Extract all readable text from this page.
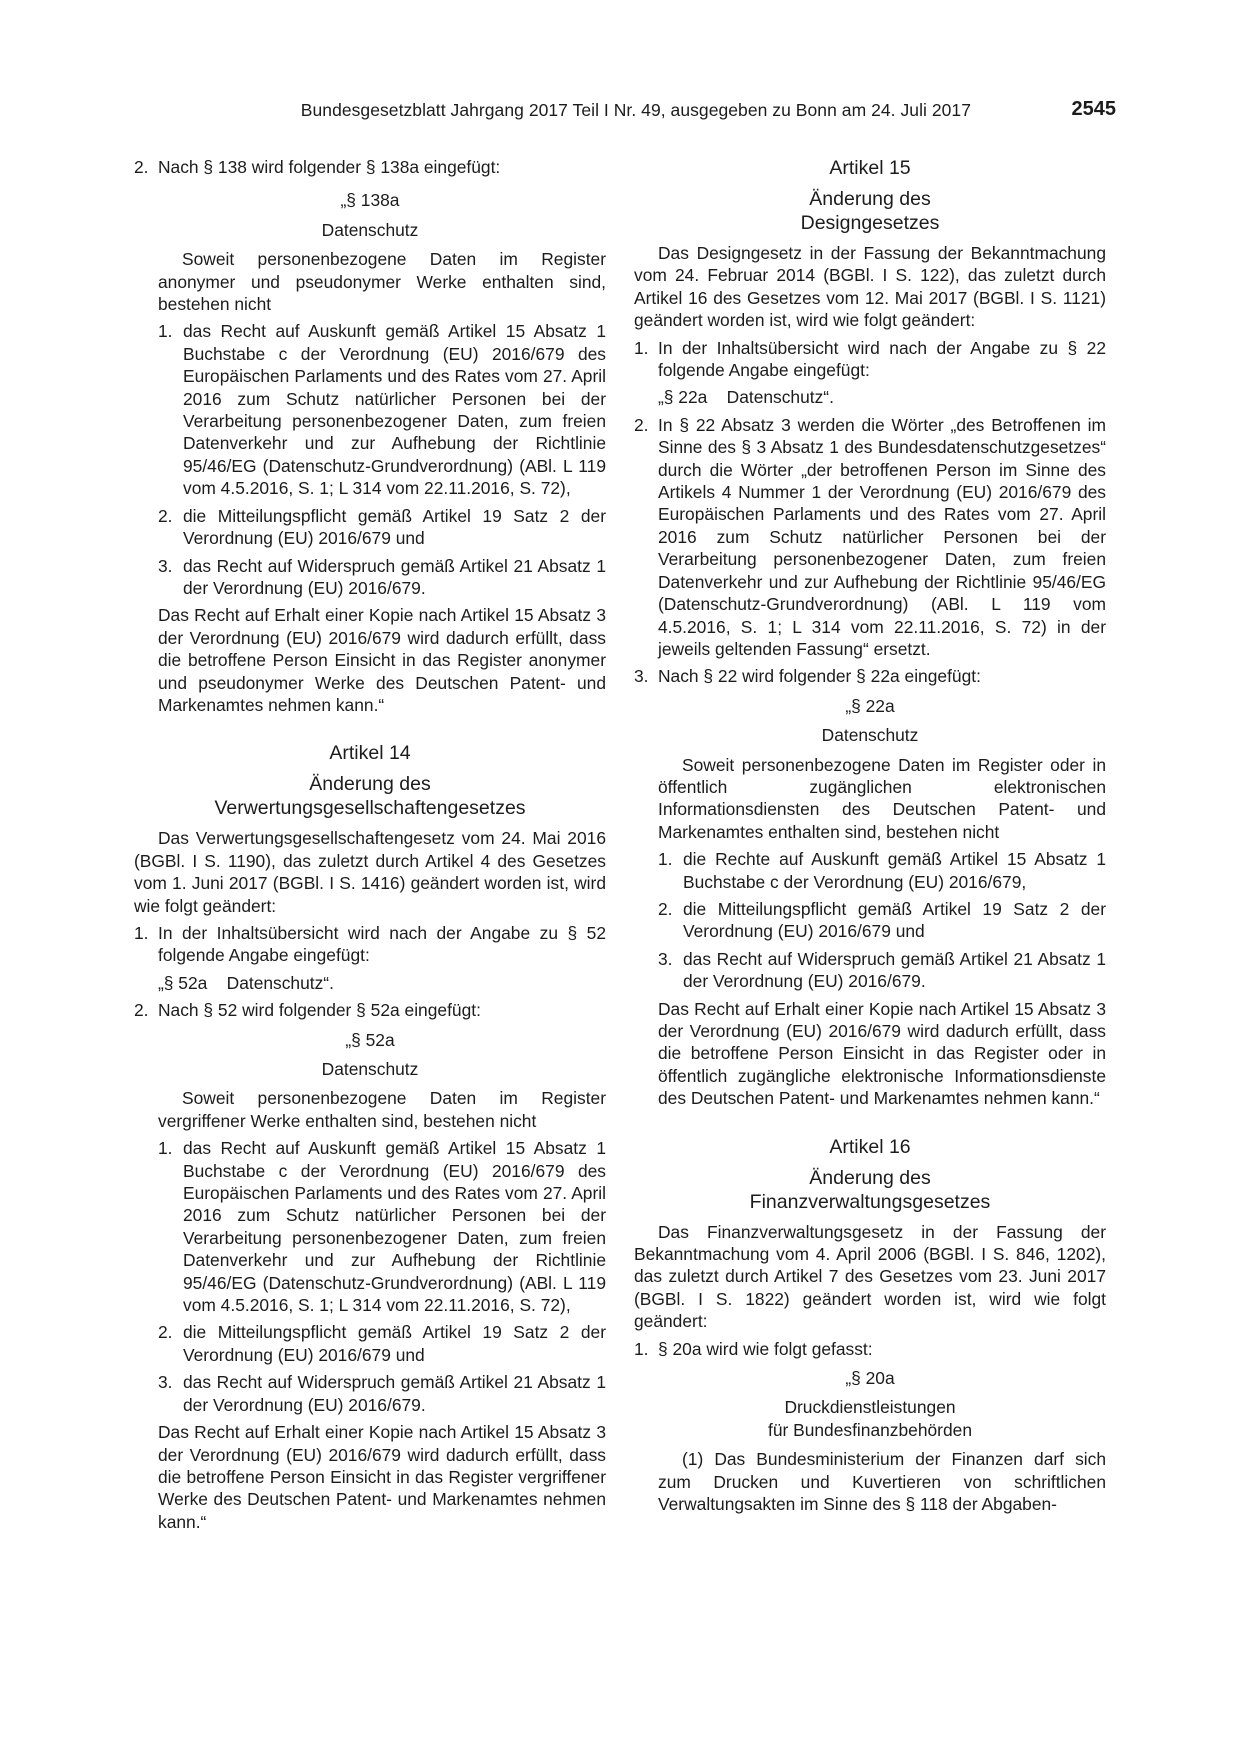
Bundesgesetzblatt Jahrgang 2017 Teil I Nr. 49, ausgegeben zu Bonn am 24. Juli 2017	2545
2. Nach § 138 wird folgender § 138a eingefügt:

„§ 138a

Datenschutz

Soweit personenbezogene Daten im Register anonymer und pseudonymer Werke enthalten sind, bestehen nicht

1. das Recht auf Auskunft gemäß Artikel 15 Absatz 1 Buchstabe c der Verordnung (EU) 2016/679 des Europäischen Parlaments und des Rates vom 27. April 2016 zum Schutz natürlicher Personen bei der Verarbeitung personenbezogener Daten, zum freien Datenverkehr und zur Aufhebung der Richtlinie 95/46/EG (Datenschutz-Grundverordnung) (ABl. L 119 vom 4.5.2016, S. 1; L 314 vom 22.11.2016, S. 72),

2. die Mitteilungspflicht gemäß Artikel 19 Satz 2 der Verordnung (EU) 2016/679 und

3. das Recht auf Widerspruch gemäß Artikel 21 Absatz 1 der Verordnung (EU) 2016/679.

Das Recht auf Erhalt einer Kopie nach Artikel 15 Absatz 3 der Verordnung (EU) 2016/679 wird dadurch erfüllt, dass die betroffene Person Einsicht in das Register anonymer und pseudonymer Werke des Deutschen Patent- und Markenamtes nehmen kann.“

Artikel 14

Änderung des

Verwertungsgesellschaftengesetzes

Das Verwertungsgesellschaftengesetz vom 24. Mai 2016 (BGBl. I S. 1190), das zuletzt durch Artikel 4 des Gesetzes vom 1. Juni 2017 (BGBl. I S. 1416) geändert worden ist, wird wie folgt geändert:

1. In der Inhaltsübersicht wird nach der Angabe zu § 52 folgende Angabe eingefügt:

„§ 52a    Datenschutz“.

2. Nach § 52 wird folgender § 52a eingefügt:

„§ 52a

Datenschutz

Soweit personenbezogene Daten im Register vergriffener Werke enthalten sind, bestehen nicht

1. das Recht auf Auskunft gemäß Artikel 15 Absatz 1 Buchstabe c der Verordnung (EU) 2016/679 des Europäischen Parlaments und des Rates vom 27. April 2016 zum Schutz natürlicher Personen bei der Verarbeitung personenbezogener Daten, zum freien Datenverkehr und zur Aufhebung der Richtlinie 95/46/EG (Datenschutz-Grundverordnung) (ABl. L 119 vom 4.5.2016, S. 1; L 314 vom 22.11.2016, S. 72),

2. die Mitteilungspflicht gemäß Artikel 19 Satz 2 der Verordnung (EU) 2016/679 und

3. das Recht auf Widerspruch gemäß Artikel 21 Absatz 1 der Verordnung (EU) 2016/679.

Das Recht auf Erhalt einer Kopie nach Artikel 15 Absatz 3 der Verordnung (EU) 2016/679 wird dadurch erfüllt, dass die betroffene Person Einsicht in das Register vergriffener Werke des Deutschen Patent- und Markenamtes nehmen kann.“

Artikel 15

Änderung des

Designgesetzes

Das Designgesetz in der Fassung der Bekanntmachung vom 24. Februar 2014 (BGBl. I S. 122), das zuletzt durch Artikel 16 des Gesetzes vom 12. Mai 2017 (BGBl. I S. 1121) geändert worden ist, wird wie folgt geändert:

1. In der Inhaltsübersicht wird nach der Angabe zu § 22 folgende Angabe eingefügt:

„§ 22a    Datenschutz“.

2. In § 22 Absatz 3 werden die Wörter „des Betroffenen im Sinne des § 3 Absatz 1 des Bundesdatenschutzgesetzes“ durch die Wörter „der betroffenen Person im Sinne des Artikels 4 Nummer 1 der Verordnung (EU) 2016/679 des Europäischen Parlaments und des Rates vom 27. April 2016 zum Schutz natürlicher Personen bei der Verarbeitung personenbezogener Daten, zum freien Datenverkehr und zur Aufhebung der Richtlinie 95/46/EG (Datenschutz-Grundverordnung) (ABl. L 119 vom 4.5.2016, S. 1; L 314 vom 22.11.2016, S. 72) in der jeweils geltenden Fassung“ ersetzt.

3. Nach § 22 wird folgender § 22a eingefügt:

„§ 22a

Datenschutz

Soweit personenbezogene Daten im Register oder in öffentlich zugänglichen elektronischen Informationsdiensten des Deutschen Patent- und Markenamtes enthalten sind, bestehen nicht

1. die Rechte auf Auskunft gemäß Artikel 15 Absatz 1 Buchstabe c der Verordnung (EU) 2016/679,

2. die Mitteilungspflicht gemäß Artikel 19 Satz 2 der Verordnung (EU) 2016/679 und

3. das Recht auf Widerspruch gemäß Artikel 21 Absatz 1 der Verordnung (EU) 2016/679.

Das Recht auf Erhalt einer Kopie nach Artikel 15 Absatz 3 der Verordnung (EU) 2016/679 wird dadurch erfüllt, dass die betroffene Person Einsicht in das Register oder in öffentlich zugängliche elektronische Informationsdienste des Deutschen Patent- und Markenamtes nehmen kann.“

Artikel 16

Änderung des

Finanzverwaltungsgesetzes

Das Finanzverwaltungsgesetz in der Fassung der Bekanntmachung vom 4. April 2006 (BGBl. I S. 846, 1202), das zuletzt durch Artikel 7 des Gesetzes vom 23. Juni 2017 (BGBl. I S. 1822) geändert worden ist, wird wie folgt geändert:

1. § 20a wird wie folgt gefasst:

„§ 20a

Druckdienstleistungen

für Bundesfinanzbehörden

(1) Das Bundesministerium der Finanzen darf sich zum Drucken und Kuvertieren von schriftlichen Verwaltungsakten im Sinne des § 118 der Abgaben-
